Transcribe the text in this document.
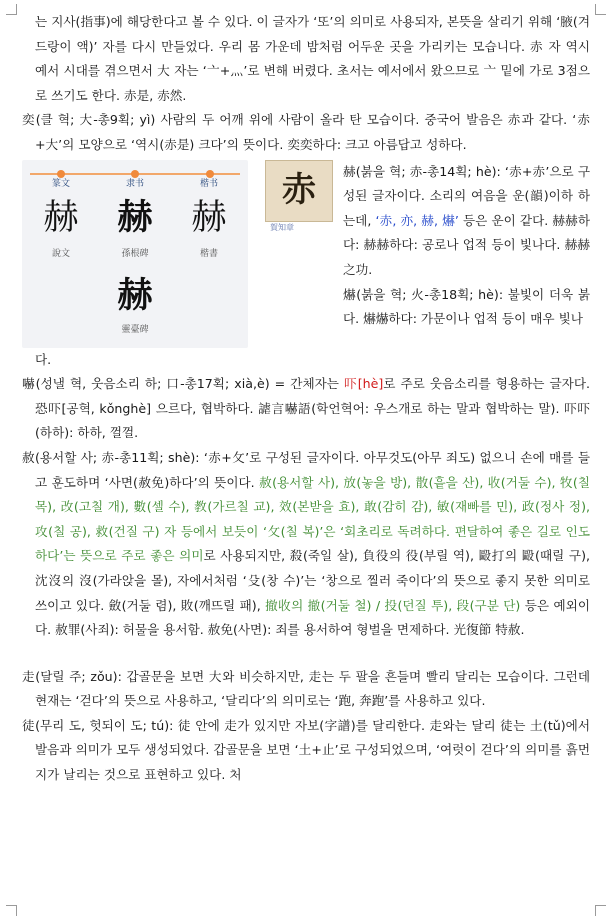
는 지사(指事)에 해당한다고 볼 수 있다. 이 글자가 ‘또’의 의미로 사용되자, 본뜻을 살리기 위해 ‘腋(겨드랑이 액)’ 자를 다시 만들었다. 우리 몸 가운데 밤처럼 어두운 곳을 가리키는 모습니다. 赤 자 역시 예서 시대를 겪으면서 大 자는 ‘亠+灬’로 변해 버렸다. 초서는 예서에서 왔으므로 亠 밑에 가로 3점으로 쓰기도 한다. 赤是, 赤然.

奕(클 혁; 大-총9획; yì) 사람의 두 어깨 위에 사람이 올라 탄 모습이다. 중국어 발음은 赤과 같다. ‘赤+大’의 모양으로 ‘역시(赤是) 크다’의 뜻이다. 奕奕하다: 크고 아름답고 성하다.

篆文	隶书	楷书
赫	赫	赫
說文	孫根碑	楷書
赫
靈臺碑
赤
賀知章

赫(붉을 혁; 赤-총14획; hè): ‘赤+赤’으로 구성된 글자이다. 소리의 여음을 운(韻)이하 하는데, ‘赤, 亦, 赫, 爀’ 등은 운이 같다. 赫赫하다: 赫赫하다: 공로나 업적 등이 빛나다. 赫赫之功.

爀(붉을 혁; 火-총18획; hè): 불빛이 더욱 붉다. 爀爀하다: 가문이나 업적 등이 매우 빛나

다.

嚇(성낼 혁, 웃음소리 하; 口-총17획; xià,è) = 간체자는 吓[hè]로 주로 웃음소리를 형용하는 글자다. 恐吓[공혁, kǒnghè] 으르다, 협박하다. 謔言嚇語(학언혁어: 우스개로 하는 말과 협박하는 말). 吓吓(하하): 하하, 껄껄.

赦(용서할 사; 赤-총11획; shè): ‘赤+攵’로 구성된 글자이다. 아무것도(아무 죄도) 없으니 손에 매를 들고 훈도하며 ‘사면(赦免)하다’의 뜻이다. 赦(용서할 사), 放(놓을 방), 散(흩을 산), 收(거둘 수), 牧(칠 목), 改(고칠 개), 數(셀 수), 教(가르칠 교), 效(본받을 효), 敢(감히 감), 敏(재빠를 민), 政(정사 정), 攻(칠 공), 救(건질 구) 자 등에서 보듯이 ‘攵(칠 복)’은 ‘회초리로 독려하다. 편달하여 좋은 길로 인도하다’는 뜻으로 주로 좋은 의미로 사용되지만, 殺(죽일 살), 負役의 役(부릴 역), 毆打의 毆(때릴 구), 沈沒의 沒(가라앉을 몰), 자에서처럼 ‘殳(창 수)’는 ‘창으로 찔러 죽이다’의 뜻으로 좋지 못한 의미로 쓰이고 있다. 斂(거둘 렴), 敗(깨뜨릴 패), 撤收의 撤(거둘 철) / 投(던질 투), 段(구분 단) 등은 예외이다. 赦罪(사죄): 허물을 용서함. 赦免(사면): 죄를 용서하여 형벌을 면제하다. 光復節 特赦.

走(달릴 주; zǒu): 갑골문을 보면 大와 비슷하지만, 走는 두 팔을 흔들며 빨리 달리는 모습이다. 그런데 현재는 ‘걷다’의 뜻으로 사용하고, ‘달리다’의 의미로는 ‘跑, 奔跑’를 사용하고 있다.

徒(무리 도, 헛되이 도; tú): 徒 안에 走가 있지만 자보(字譜)를 달리한다. 走와는 달리 徒는 土(tǔ)에서 발음과 의미가 모두 생성되었다. 갑골문을 보면 ‘土+止’로 구성되었으며, ‘여럿이 걷다’의 의미를 흙먼지가 날리는 것으로 표현하고 있다. 처
